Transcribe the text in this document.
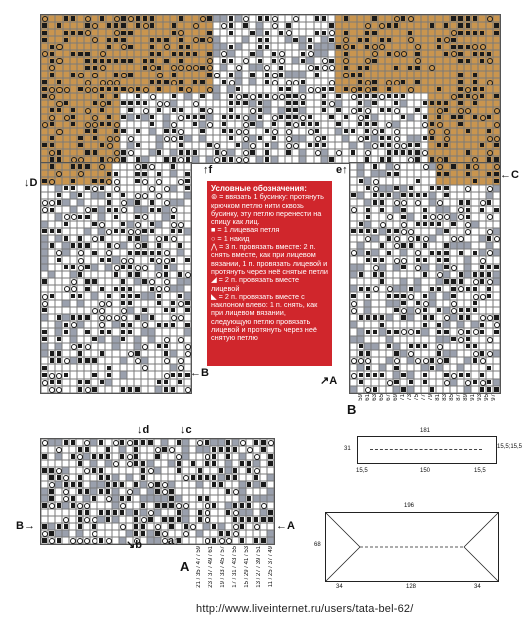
Условные обозначения:
⊚ = ввязать 1 бусинку: протянуть крючком петлю нити сквозь бусинку, эту петлю перенести на спицу как лиц.
■ = 1 лицевая петля
○ = 1 накид
⋀ = 3 п. провязать вместе: 2 п. снять вместе, как при лицевом вязании, 1 п. провязать лицевой и протянуть через неё снятые петли
◢ = 2 п. провязать вместе лицевой
◣ = 2 п. провязать вместе с наклоном влево: 1 п. снять, как при лицевом вязании, следующую петлю провязать лицевой и протянуть через неё снятую петлю
↓D
←C
↑f	e↑
←B
↗A
B
59 61 63 65 67 69 71 73 75 77 79 81 83 85 87 89 91 93 95 97
↓d	↓c
B→	←A
↘b a↑
A 21 / 35 / 47 / 59 23 / 37 / 49 / 61 19 / 33 / 45 / 57 17 / 31 / 43 / 55 15 / 29 / 41 / 53 13 / 27 / 39 / 51 11 / 25 / 37 / 49
181
31	15,5;15,5
15,5	150	15,5
196
68
34	128	34
http://www.liveinternet.ru/users/tata-bel-62/
